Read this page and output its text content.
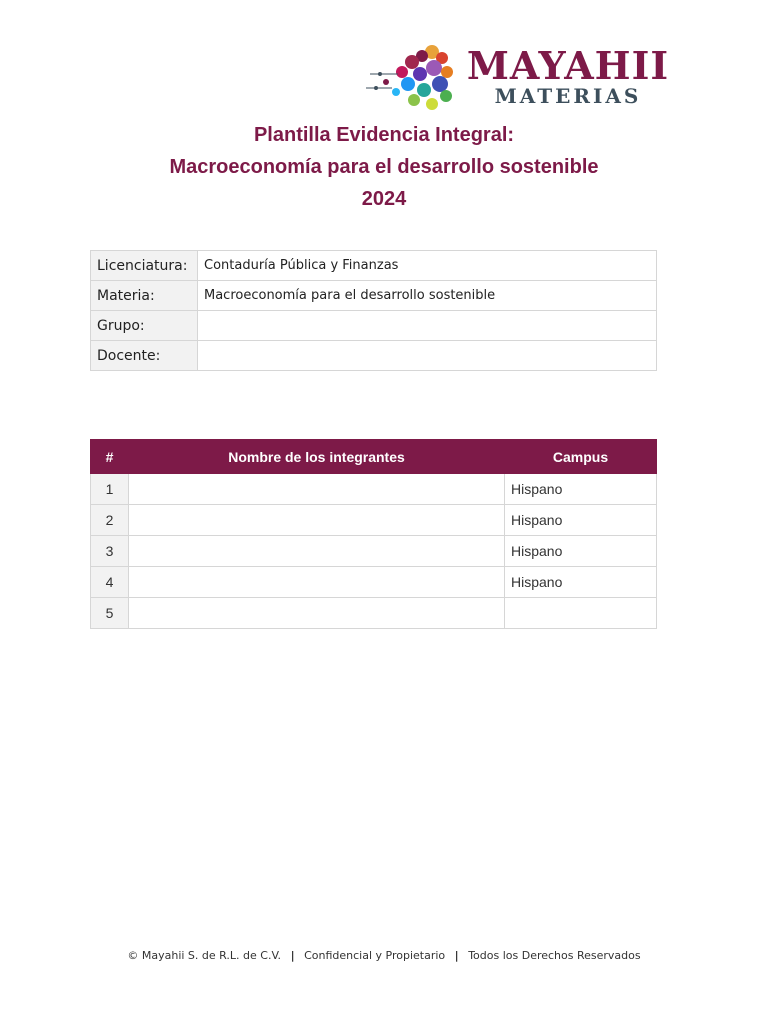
MAYAHII
MATERIAS
Plantilla Evidencia Integral:
Macroeconomía para el desarrollo sostenible
2024
Licenciatura:	Contaduría Pública y Finanzas
Materia:	Macroeconomía para el desarrollo sostenible
Grupo:	
Docente:	
#	Nombre de los integrantes	Campus
1		Hispano
2		Hispano
3		Hispano
4		Hispano
5		
© Mayahii S. de R.L. de C.V. | Confidencial y Propietario | Todos los Derechos Reservados
